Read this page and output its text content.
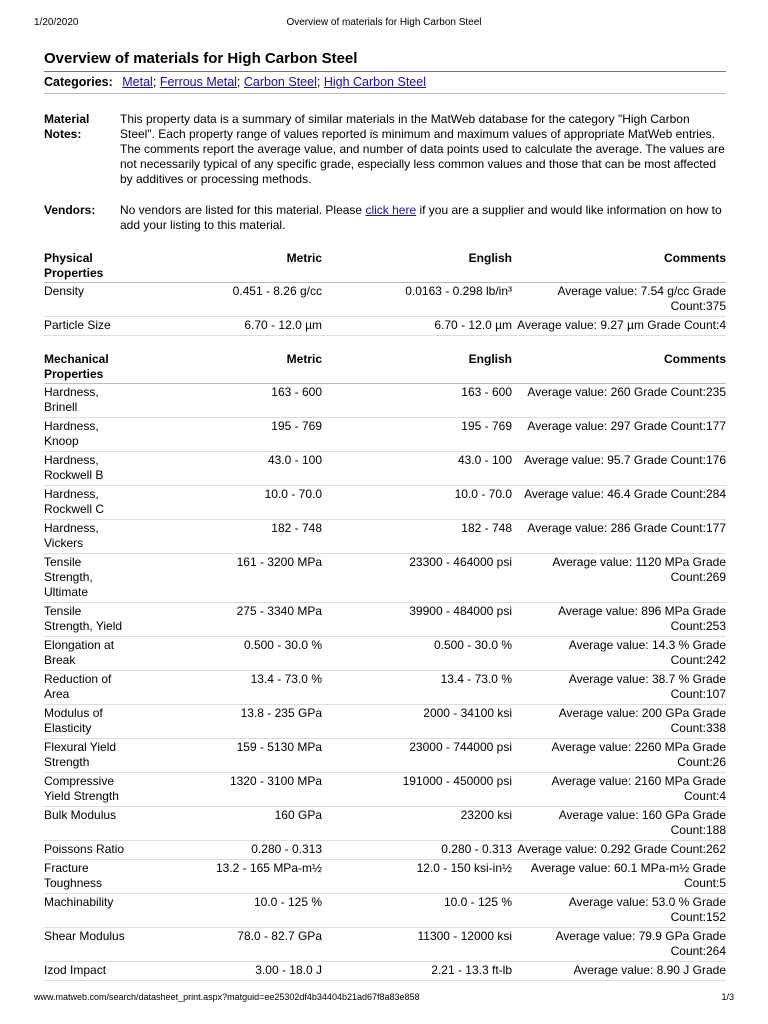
1/20/2020	Overview of materials for High Carbon Steel
Overview of materials for High Carbon Steel
Categories: Metal; Ferrous Metal; Carbon Steel; High Carbon Steel
Material Notes:
This property data is a summary of similar materials in the MatWeb database for the category "High Carbon Steel". Each property range of values reported is minimum and maximum values of appropriate MatWeb entries. The comments report the average value, and number of data points used to calculate the average. The values are not necessarily typical of any specific grade, especially less common values and those that can be most affected by additives or processing methods.
Vendors:	No vendors are listed for this material. Please click here if you are a supplier and would like information on how to add your listing to this material.
Physical Properties	Metric	English	Comments
Density	0.451 - 8.26 g/cc	0.0163 - 0.298 lb/in³	Average value: 7.54 g/cc Grade Count:375
Particle Size	6.70 - 12.0 µm	6.70 - 12.0 µm	Average value: 9.27 µm Grade Count:4
Mechanical Properties	Metric	English	Comments
Hardness, Brinell	163 - 600	163 - 600	Average value: 260 Grade Count:235
Hardness, Knoop	195 - 769	195 - 769	Average value: 297 Grade Count:177
Hardness, Rockwell B	43.0 - 100	43.0 - 100	Average value: 95.7 Grade Count:176
Hardness, Rockwell C	10.0 - 70.0	10.0 - 70.0	Average value: 46.4 Grade Count:284
Hardness, Vickers	182 - 748	182 - 748	Average value: 286 Grade Count:177
Tensile Strength, Ultimate	161 - 3200 MPa	23300 - 464000 psi	Average value: 1120 MPa Grade Count:269
Tensile Strength, Yield	275 - 3340 MPa	39900 - 484000 psi	Average value: 896 MPa Grade Count:253
Elongation at Break	0.500 - 30.0 %	0.500 - 30.0 %	Average value: 14.3 % Grade Count:242
Reduction of Area	13.4 - 73.0 %	13.4 - 73.0 %	Average value: 38.7 % Grade Count:107
Modulus of Elasticity	13.8 - 235 GPa	2000 - 34100 ksi	Average value: 200 GPa Grade Count:338
Flexural Yield Strength	159 - 5130 MPa	23000 - 744000 psi	Average value: 2260 MPa Grade Count:26
Compressive Yield Strength	1320 - 3100 MPa	191000 - 450000 psi	Average value: 2160 MPa Grade Count:4
Bulk Modulus	160 GPa	23200 ksi	Average value: 160 GPa Grade Count:188
Poissons Ratio	0.280 - 0.313	0.280 - 0.313	Average value: 0.292 Grade Count:262
Fracture Toughness	13.2 - 165 MPa-m½	12.0 - 150 ksi-in½	Average value: 60.1 MPa-m½ Grade Count:5
Machinability	10.0 - 125 %	10.0 - 125 %	Average value: 53.0 % Grade Count:152
Shear Modulus	78.0 - 82.7 GPa	11300 - 12000 ksi	Average value: 79.9 GPa Grade Count:264
Izod Impact	3.00 - 18.0 J	2.21 - 13.3 ft-lb	Average value: 8.90 J Grade
www.matweb.com/search/datasheet_print.aspx?matguid=ee25302df4b34404b21ad67f8a83e858	1/3
